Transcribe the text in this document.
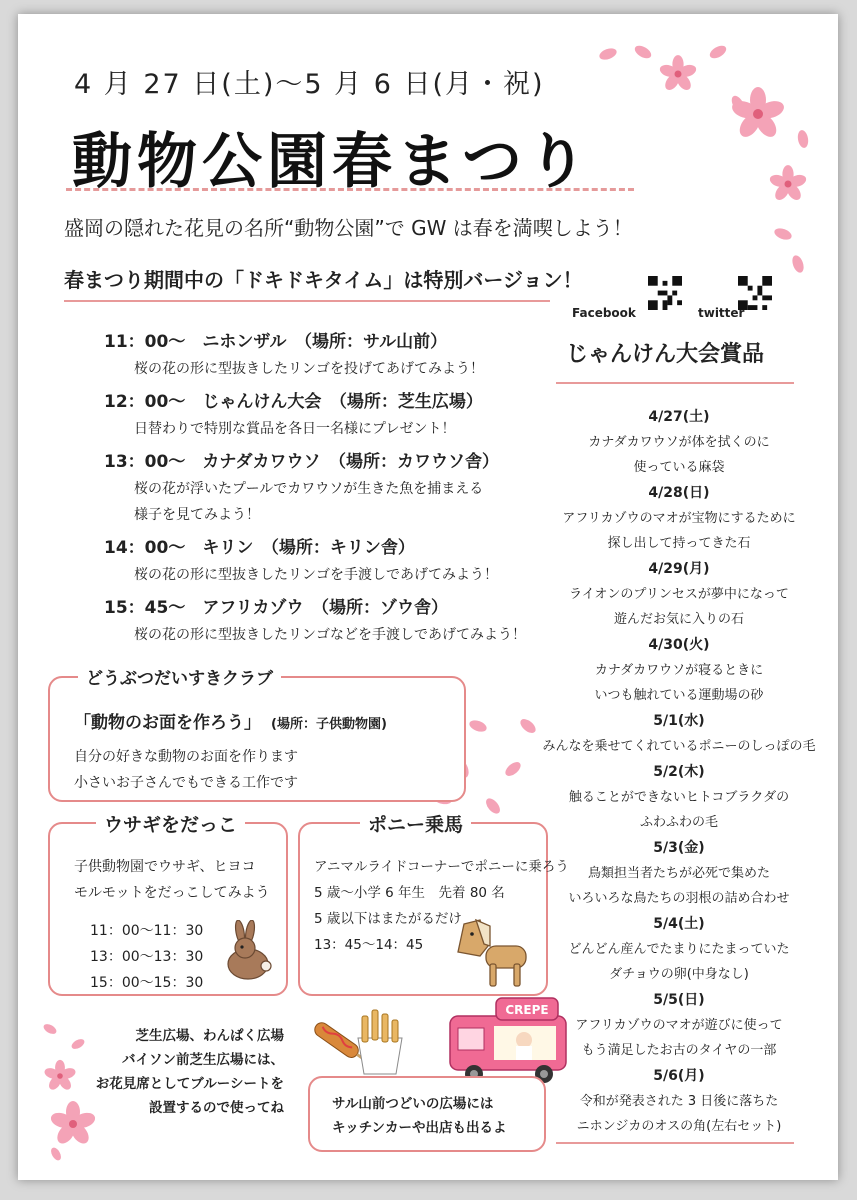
4 月 27 日(土)～5 月 6 日(月・祝)
動物公園春まつり
盛岡の隠れた花見の名所“動物公園”で GW は春を満喫しよう！
春まつり期間中の「ドキドキタイム」は特別バージョン！
11：00～　ニホンザル　（場所：サル山前）
桜の花の形に型抜きしたリンゴを投げてあげてみよう！
12：00～　じゃんけん大会　（場所：芝生広場）
日替わりで特別な賞品を各日一名様にプレゼント！
13：00～　カナダカワウソ　（場所：カワウソ舎）
桜の花が浮いたプールでカワウソが生きた魚を捕まえる
様子を見てみよう！
14：00～　キリン　（場所：キリン舎）
桜の花の形に型抜きしたリンゴを手渡しであげてみよう！
15：45～　アフリカゾウ　（場所：ゾウ舎）
桜の花の形に型抜きしたリンゴなどを手渡しであげてみよう！
どうぶつだいすきクラブ
「動物のお面を作ろう」 (場所：子供動物園)
自分の好きな動物のお面を作ります
小さいお子さんでもできる工作です
ウサギをだっこ
子供動物園でウサギ、ヒヨコ
モルモットをだっこしてみよう
11：00～11：30
13：00～13：30
15：00～15：30
ポニー乗馬
アニマルライドコーナーでポニーに乗ろう
5 歳～小学 6 年生　先着 80 名
5 歳以下はまたがるだけ
13：45～14：45
芝生広場、わんぱく広場
バイソン前芝生広場には、
お花見席としてブルーシートを
設置するので使ってね
CREPE
サル山前つどいの広場には
キッチンカーや出店も出るよ
Facebook	twitter
じゃんけん大会賞品
4/27(土)
カナダカワウソが体を拭くのに
使っている麻袋
4/28(日)
アフリカゾウのマオが宝物にするために
探し出して持ってきた石
4/29(月)
ライオンのプリンセスが夢中になって
遊んだお気に入りの石
4/30(火)
カナダカワウソが寝るときに
いつも触れている運動場の砂
5/1(水)
みんなを乗せてくれているポニーのしっぽの毛
5/2(木)
触ることができないヒトコブラクダの
ふわふわの毛
5/3(金)
鳥類担当者たちが必死で集めた
いろいろな鳥たちの羽根の詰め合わせ
5/4(土)
どんどん産んでたまりにたまっていた
ダチョウの卵(中身なし)
5/5(日)
アフリカゾウのマオが遊びに使って
もう満足したお古のタイヤの一部
5/6(月)
令和が発表された 3 日後に落ちた
ニホンジカのオスの角(左右セット)
